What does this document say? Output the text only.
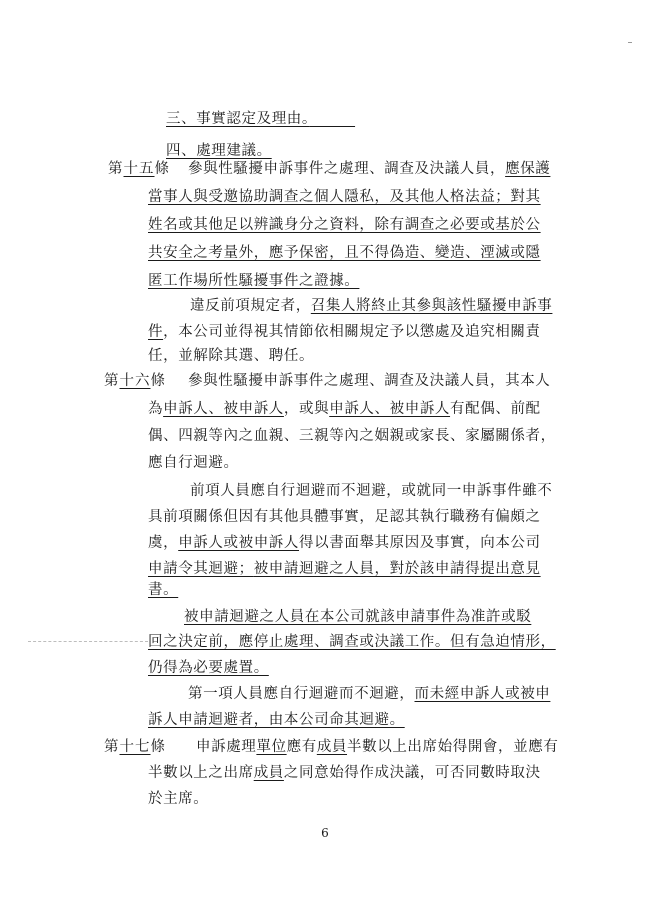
三、事實認定及理由。　　　
四、處理建議。
第十五條 參與性騷擾申訴事件之處理、調查及決議人員，應保護
當事人與受邀協助調查之個人隱私，及其他人格法益；對其
姓名或其他足以辨識身分之資料，除有調查之必要或基於公
共安全之考量外，應予保密，且不得偽造、變造、湮滅或隱
匿工作場所性騷擾事件之證據。
違反前項規定者，召集人將終止其參與該性騷擾申訴事
件，本公司並得視其情節依相關規定予以懲處及追究相關責
任，並解除其選、聘任。
第十六條 參與性騷擾申訴事件之處理、調查及決議人員，其本人
為申訴人、被申訴人，或與申訴人、被申訴人有配偶、前配
偶、四親等內之血親、三親等內之姻親或家長、家屬關係者，
應自行迴避。
前項人員應自行迴避而不迴避，或就同一申訴事件雖不
具前項關係但因有其他具體事實，足認其執行職務有偏頗之
虞，申訴人或被申訴人得以書面舉其原因及事實，向本公司
申請令其迴避；被申請迴避之人員，對於該申請得提出意見
書。
被申請迴避之人員在本公司就該申請事件為准許或駁
回之決定前，應停止處理、調查或決議工作。但有急迫情形，
仍得為必要處置。
第一項人員應自行迴避而不迴避，而未經申訴人或被申
訴人申請迴避者，由本公司命其迴避。
第十七條 申訴處理單位應有成員半數以上出席始得開會，並應有
半數以上之出席成員之同意始得作成決議，可否同數時取決
於主席。
6
